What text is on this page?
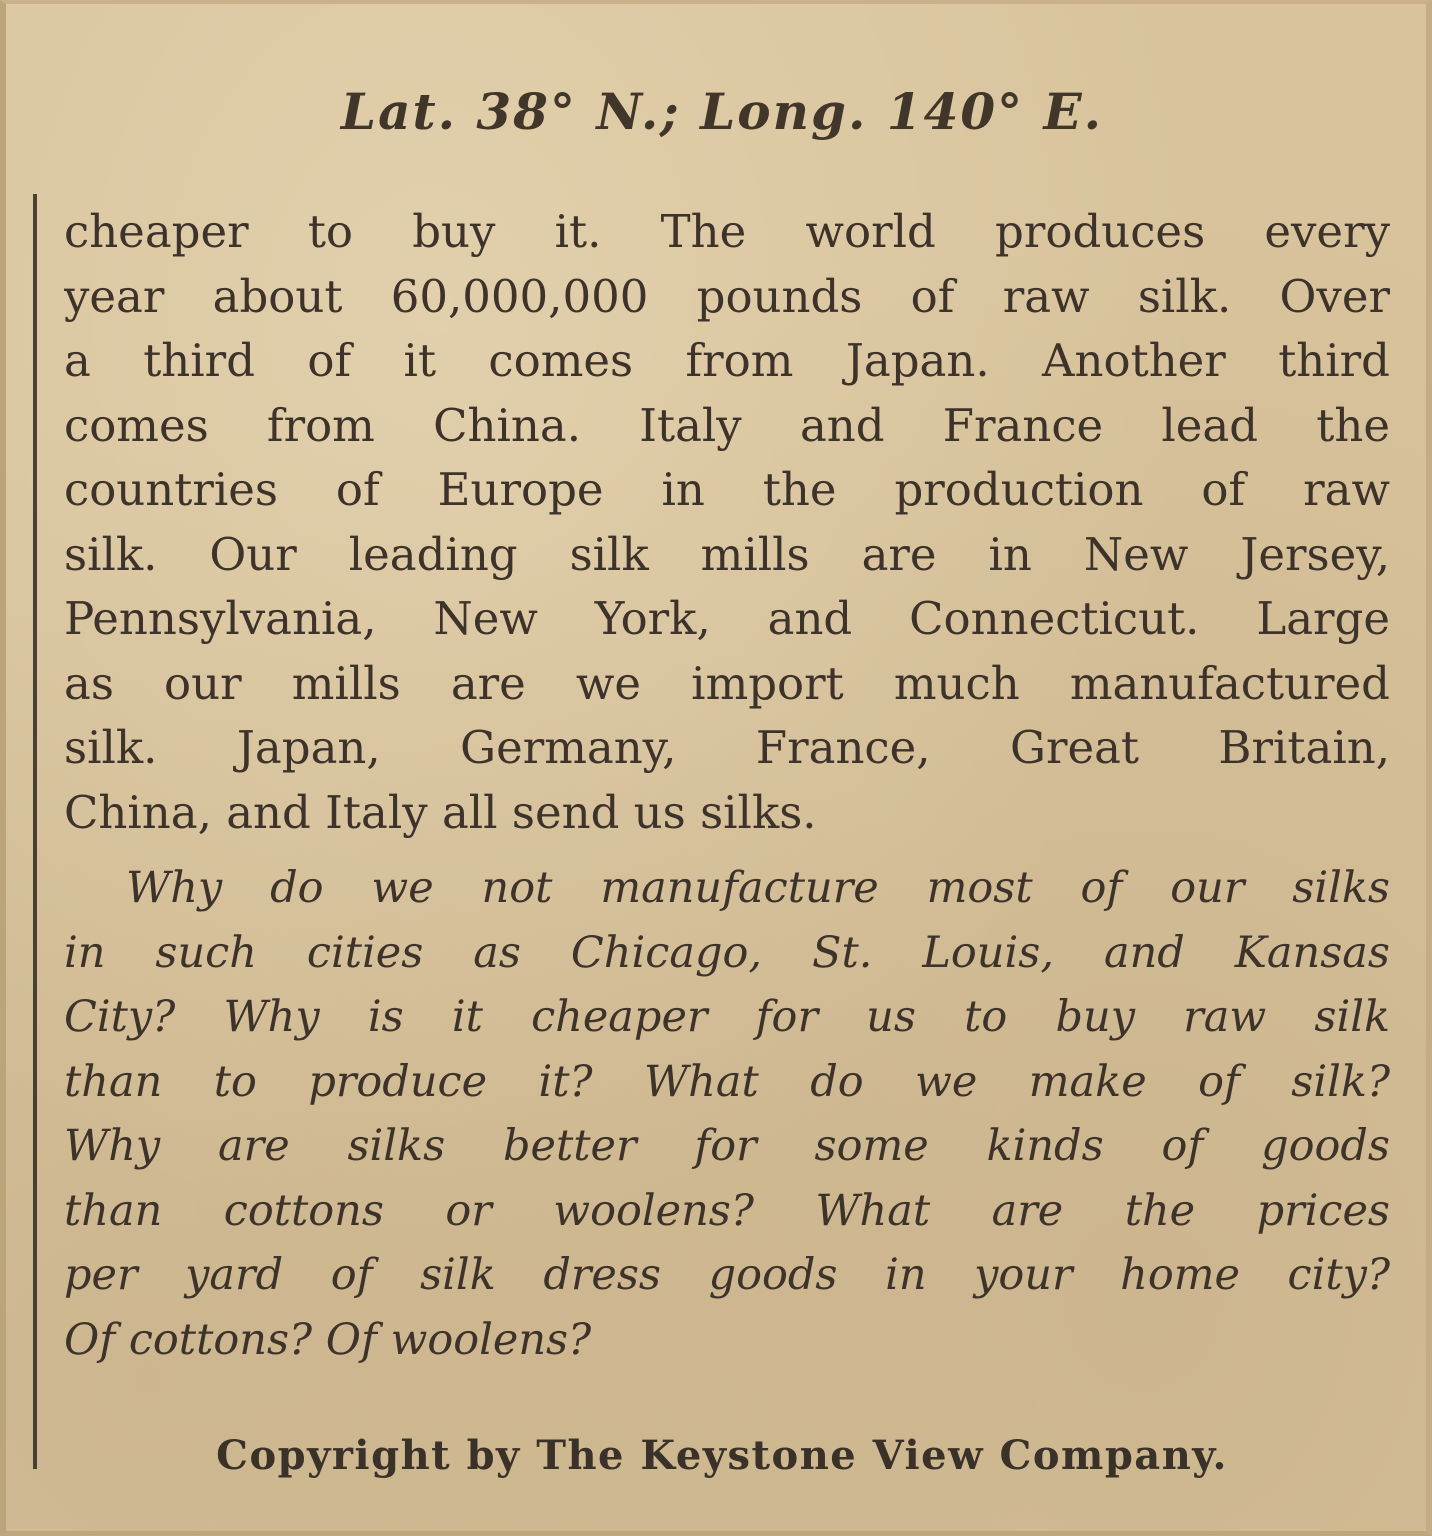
Lat. 38° N.; Long. 140° E.

cheaper to buy it. The world produces every
year about 60,000,000 pounds of raw silk. Over
a third of it comes from Japan. Another third
comes from China. Italy and France lead the
countries of Europe in the production of raw
silk. Our leading silk mills are in New Jersey,
Pennsylvania, New York, and Connecticut. Large
as our mills are we import much manufactured
silk. Japan, Germany, France, Great Britain,
China, and Italy all send us silks.

Why do we not manufacture most of our silks
in such cities as Chicago, St. Louis, and Kansas
City? Why is it cheaper for us to buy raw silk
than to produce it? What do we make of silk?
Why are silks better for some kinds of goods
than cottons or woolens? What are the prices
per yard of silk dress goods in your home city?
Of cottons? Of woolens?

Copyright by The Keystone View Company.
